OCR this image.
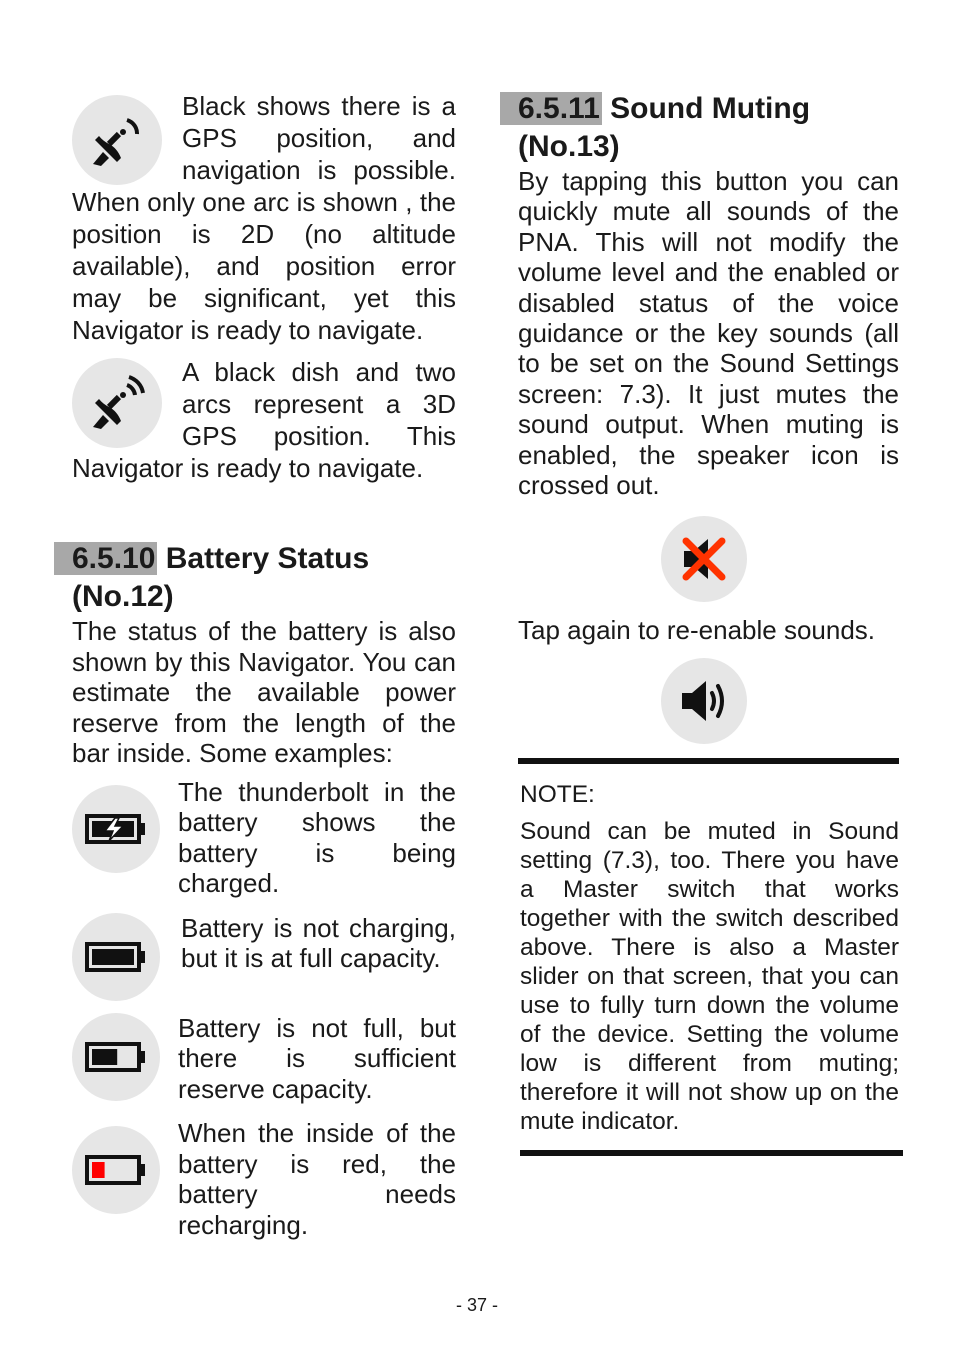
Black shows there is a GPS position, and navigation is possible. When only one arc is shown , the position is 2D (no altitude available), and position error may be significant, yet this Navigator is ready to navigate.

A black dish and two arcs represent a 3D GPS position. This Navigator is ready to navigate.

6.5.10 Battery Status

(No.12)

The status of the battery is also shown by this Navigator. You can estimate the available power reserve from the length of the bar inside. Some examples:

The thunderbolt in the battery shows the battery is being charged.

Battery is not charging, but it is at full capacity.

Battery is not full, but there is sufficient reserve capacity.

When the inside of the battery is red, the battery needs recharging.

6.5.11 Sound Muting

(No.13)

By tapping this button you can quickly mute all sounds of the PNA. This will not modify the volume level and the enabled or disabled status of the voice guidance or the key sounds (all to be set on the Sound Settings screen: 7.3). It just mutes the sound output. When muting is enabled, the speaker icon is crossed out.

Tap again to re-enable sounds.

NOTE:

Sound can be muted in Sound setting (7.3), too. There you have a Master switch that works together with the switch described above. There is also a Master slider on that screen, that you can use to fully turn down the volume of the device. Setting the volume low is different from muting; therefore it will not show up on the mute indicator.

- 37 -
